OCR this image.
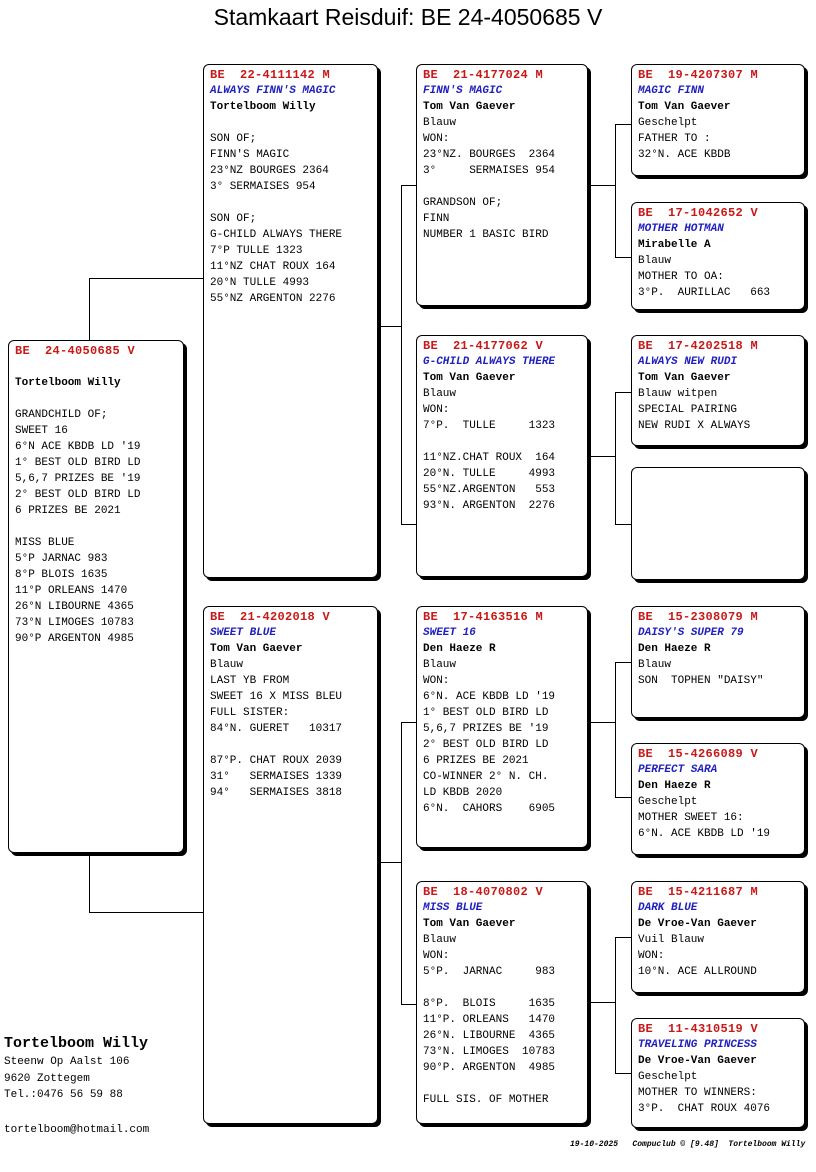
Stamkaart Reisduif: BE 24-4050685 V
BE  24-4050685 V
Tortelboom Willy
GRANDCHILD OF;
SWEET 16
6°N ACE KBDB LD '19
1° BEST OLD BIRD LD
5,6,7 PRIZES BE '19
2° BEST OLD BIRD LD
6 PRIZES BE 2021
MISS BLUE
5°P JARNAC 983
8°P BLOIS 1635
11°P ORLEANS 1470
26°N LIBOURNE 4365
73°N LIMOGES 10783
90°P ARGENTON 4985
BE  22-4111142 M
ALWAYS FINN'S MAGIC
Tortelboom Willy
SON OF;
FINN'S MAGIC
23°NZ BOURGES 2364
3° SERMAISES 954
SON OF;
G-CHILD ALWAYS THERE
7°P TULLE 1323
11°NZ CHAT ROUX 164
20°N TULLE 4993
55°NZ ARGENTON 2276
BE  21-4202018 V
SWEET BLUE
Tom Van Gaever
Blauw
LAST YB FROM
SWEET 16 X MISS BLEU
FULL SISTER:
84°N. GUERET   10317
87°P. CHAT ROUX 2039
31°   SERMAISES 1339
94°   SERMAISES 3818
BE  21-4177024 M
FINN'S MAGIC
Tom Van Gaever
Blauw
WON:
23°NZ. BOURGES  2364
3°     SERMAISES 954
GRANDSON OF;
FINN
NUMBER 1 BASIC BIRD
BE  21-4177062 V
G-CHILD ALWAYS THERE
Tom Van Gaever
Blauw
WON:
7°P.  TULLE     1323
11°NZ.CHAT ROUX  164
20°N. TULLE     4993
55°NZ.ARGENTON   553
93°N. ARGENTON  2276
BE  17-4163516 M
SWEET 16
Den Haeze R
Blauw
WON:
6°N. ACE KBDB LD '19
1° BEST OLD BIRD LD
5,6,7 PRIZES BE '19
2° BEST OLD BIRD LD
6 PRIZES BE 2021
CO-WINNER 2° N. CH.
LD KBDB 2020
6°N.  CAHORS    6905
BE  18-4070802 V
MISS BLUE
Tom Van Gaever
Blauw
WON:
5°P.  JARNAC     983
8°P.  BLOIS     1635
11°P. ORLEANS   1470
26°N. LIBOURNE  4365
73°N. LIMOGES  10783
90°P. ARGENTON  4985
FULL SIS. OF MOTHER
BE  19-4207307 M
MAGIC FINN
Tom Van Gaever
Geschelpt
FATHER TO :
32°N. ACE KBDB
BE  17-1042652 V
MOTHER HOTMAN
Mirabelle A
Blauw
MOTHER TO OA:
3°P.  AURILLAC   663
BE  17-4202518 M
ALWAYS NEW RUDI
Tom Van Gaever
Blauw witpen
SPECIAL PAIRING
NEW RUDI X ALWAYS
BE  15-2308079 M
DAISY'S SUPER 79
Den Haeze R
Blauw
SON  TOPHEN "DAISY"
BE  15-4266089 V
PERFECT SARA
Den Haeze R
Geschelpt
MOTHER SWEET 16:
6°N. ACE KBDB LD '19
BE  15-4211687 M
DARK BLUE
De Vroe-Van Gaever
Vuil Blauw
WON:
10°N. ACE ALLROUND
BE  11-4310519 V
TRAVELING PRINCESS
De Vroe-Van Gaever
Geschelpt
MOTHER TO WINNERS:
3°P.  CHAT ROUX 4076
Tortelboom Willy
Steenw Op Aalst 106
9620 Zottegem
Tel.:0476 56 59 88
tortelboom@hotmail.com
19-10-2025   Compuclub © [9.48]  Tortelboom Willy
